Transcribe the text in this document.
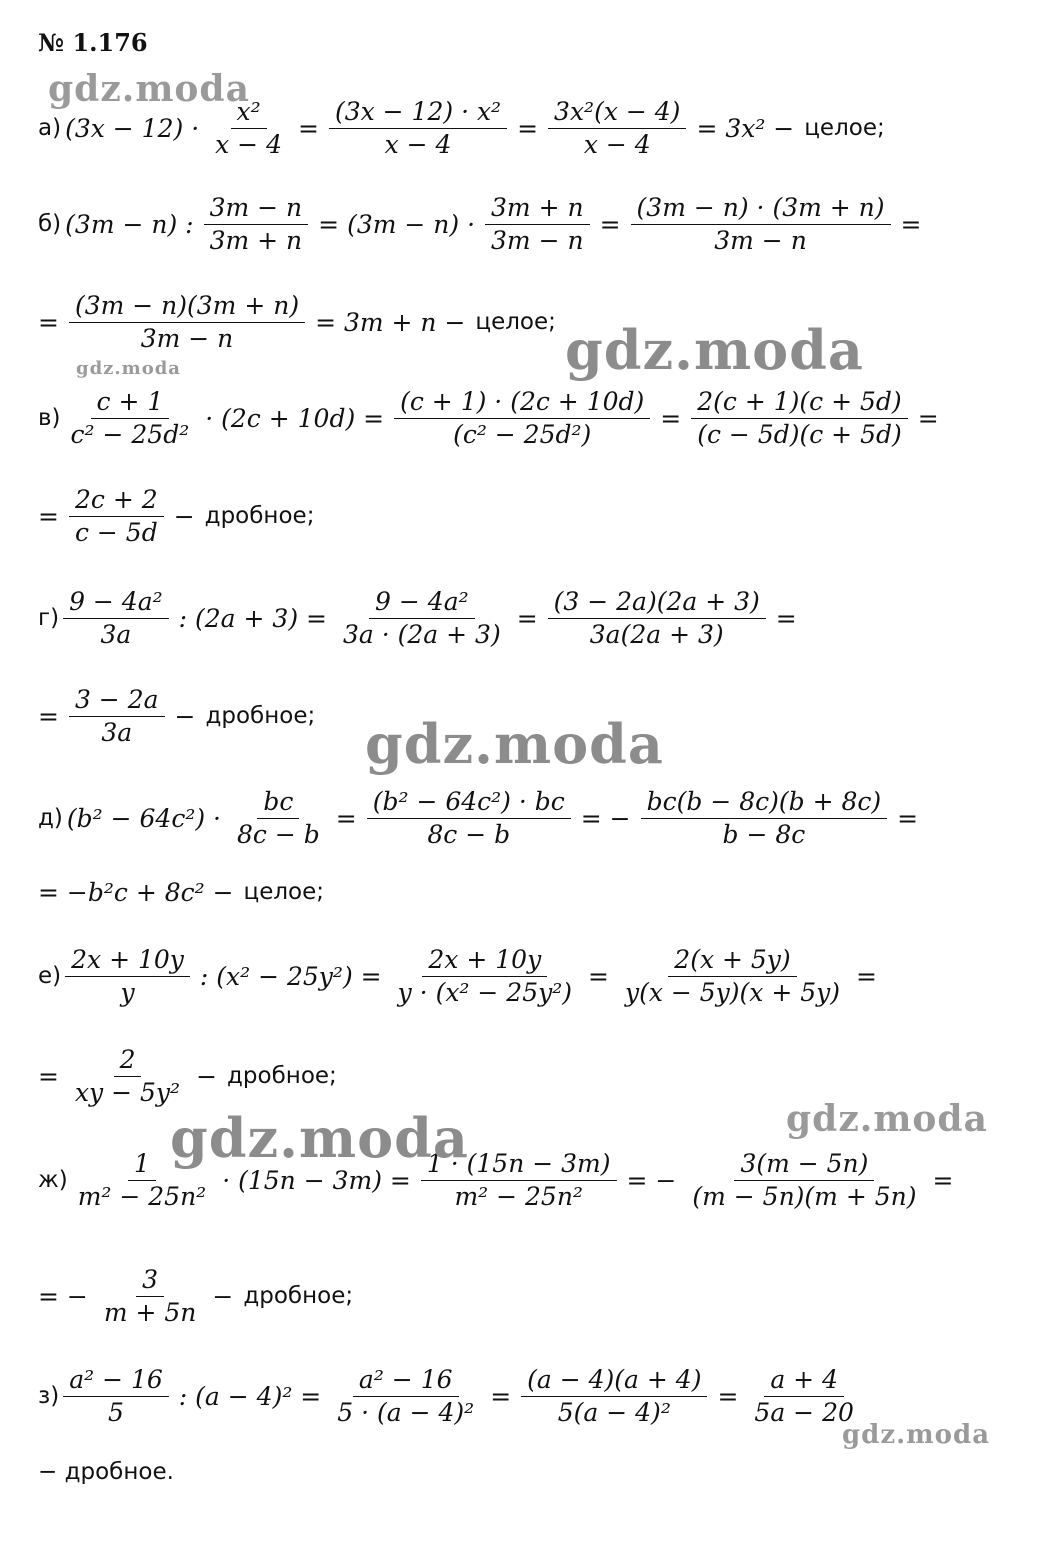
№ 1.176
а) $(3x - 12) \cdot \frac{\text{x²}}{x - 4} = \frac{\text{(3x − 12) · x²}}{x - 4} = \frac{\text{3x²(x − 4)}}{x - 4} = 3x^2$ − целое;
б) (3m − n) : $\frac{3m - n}{3m + n} = (3m - n) \cdot \frac{3m + n}{3m - n} = \frac{(3m - n) \cdot (3m + n)}{3m - n}$ =
= $\frac{(3m - n)(3m + n)}{3m - n} = 3m + n$ − целое;
$в) \frac{c + 1}{\text{c² − 25d²}} \cdot (2c + 10d) = \frac{(c + 1) \cdot (2c + 10d)}{\text{(c² − 25d²)}} = \frac{2(c + 1)(c + 5d)}{(c - 5d)(c + 5d)}$ =
= $\frac{2c + 2}{c - 5d}$ − дробное;
$г) \frac{\text{9 − 4a²}}{3a}$ : $(2a + 3) = \frac{\text{9 − 4a²}}{3a \cdot (2a + 3)} = \frac{(3 - 2a)(2a + 3)}{3a(2a + 3)}$ =
= $\frac{3 - 2a}{3a}$ − дробное;
д) $(b^2 - 64c^2) \cdot \frac{bc}{8c - b} = \frac{\text{(b² − 64c²) · bc}}{8c - b}$ = − $\frac{bc(b - 8c)(b + 8c)}{b - 8c}$ =
= −b²c + 8c² − целое;
$е) \frac{2x + 10y}{y}$ : $(x^2 - 25y^2) = \frac{2x + 10y}{\text{y · (x² − 25y²)}} = \frac{2(x + 5y)}{y(x - 5y)(x + 5y)}$ =
= $\frac{2}{\text{xy − 5y²}}$ − дробное;
$ж) \frac{1}{\text{m² − 25n²}} \cdot (15n - 3m) = \frac{1 \cdot (15n - 3m)}{\text{m² − 25n²}}$ = − $\frac{3(m - 5n)}{(m - 5n)(m + 5n)}$ =
= − $\frac{3}{m + 5n}$ − дробное;
$з) \frac{\text{a² − 16}}{5}$ : $(a - 4)^2 = \frac{\text{a² − 16}}{\text{5 · (a − 4)²}} = \frac{(a - 4)(a + 4)}{\text{5(a − 4)²}} = \frac{a + 4}{5a - 20}$
− дробное.
gdz.moda
gdz.moda
gdz.moda
gdz.moda
gdz.moda
gdz.moda
gdz.moda
